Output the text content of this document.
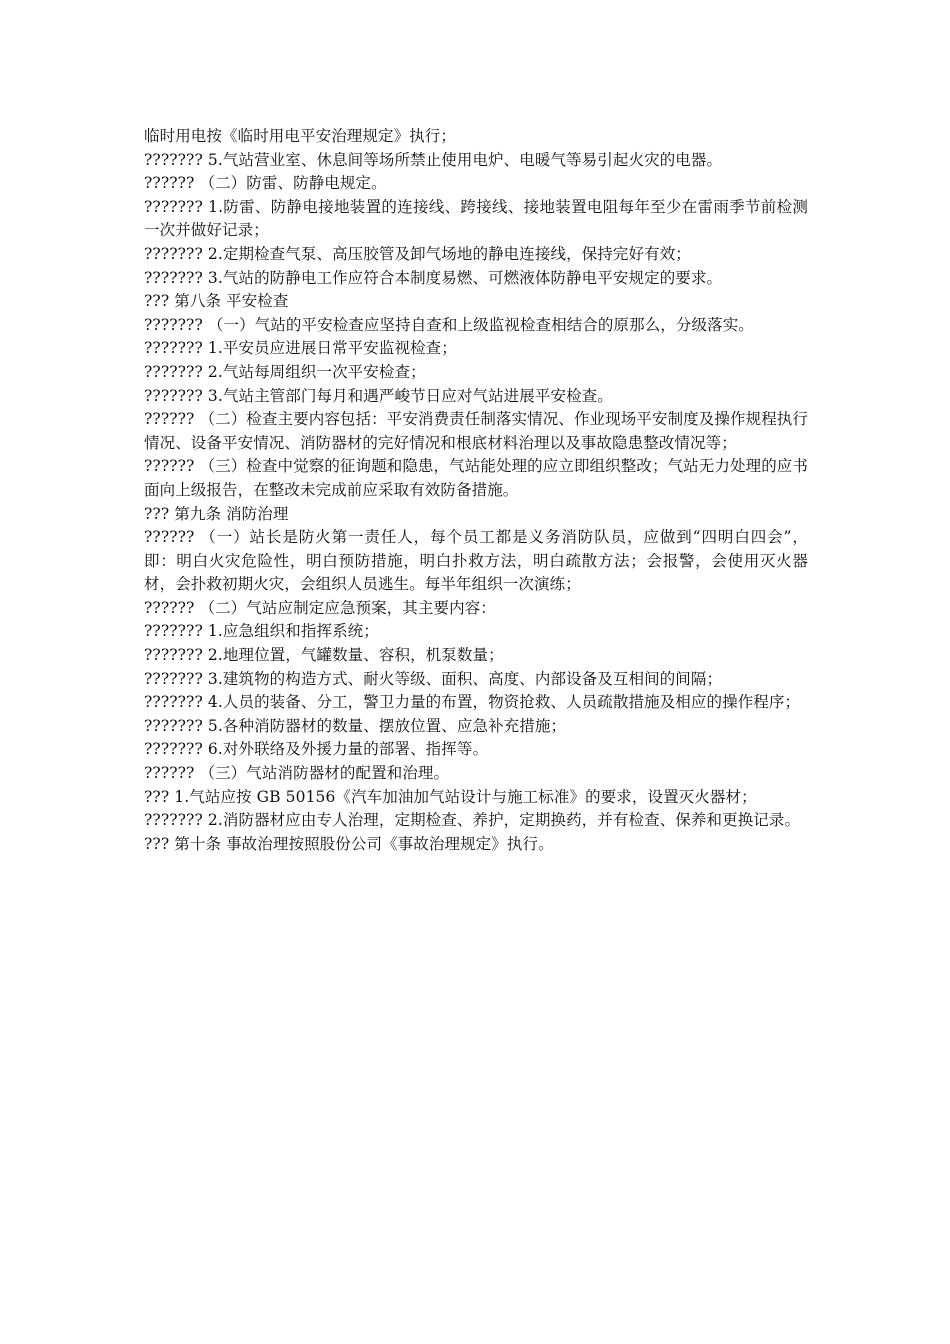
临时用电按《临时用电平安治理规定》执行；

??????? 5.气站营业室、休息间等场所禁止使用电炉、电暖气等易引起火灾的电器。

?????? （二）防雷、防静电规定。

??????? 1.防雷、防静电接地装置的连接线、跨接线、接地装置电阻每年至少在雷雨季节前检测一次并做好记录；

??????? 2.定期检查气泵、高压胶管及卸气场地的静电连接线，保持完好有效；

??????? 3.气站的防静电工作应符合本制度易燃、可燃液体防静电平安规定的要求。

??? 第八条 平安检查

??????? （一）气站的平安检查应坚持自查和上级监视检查相结合的原那么，分级落实。

??????? 1.平安员应进展日常平安监视检查；

??????? 2.气站每周组织一次平安检查；

??????? 3.气站主管部门每月和遇严峻节日应对气站进展平安检查。

?????? （二）检查主要内容包括：平安消费责任制落实情况、作业现场平安制度及操作规程执行情况、设备平安情况、消防器材的完好情况和根底材料治理以及事故隐患整改情况等；

?????? （三）检查中觉察的征询题和隐患，气站能处理的应立即组织整改；气站无力处理的应书面向上级报告，在整改未完成前应采取有效防备措施。

??? 第九条 消防治理

?????? （一）站长是防火第一责任人，每个员工都是义务消防队员，应做到“四明白四会”，即：明白火灾危险性，明白预防措施，明白扑救方法，明白疏散方法；会报警，会使用灭火器材，会扑救初期火灾，会组织人员逃生。每半年组织一次演练；

?????? （二）气站应制定应急预案，其主要内容：

??????? 1.应急组织和指挥系统；

??????? 2.地理位置，气罐数量、容积，机泵数量；

??????? 3.建筑物的构造方式、耐火等级、面积、高度、内部设备及互相间的间隔；

??????? 4.人员的装备、分工，警卫力量的布置，物资抢救、人员疏散措施及相应的操作程序；

??????? 5.各种消防器材的数量、摆放位置、应急补充措施；

??????? 6.对外联络及外援力量的部署、指挥等。

?????? （三）气站消防器材的配置和治理。

??? 1.气站应按 GB 50156《汽车加油加气站设计与施工标准》的要求，设置灭火器材；

??????? 2.消防器材应由专人治理，定期检查、养护，定期换药，并有检查、保养和更换记录。

??? 第十条 事故治理按照股份公司《事故治理规定》执行。
